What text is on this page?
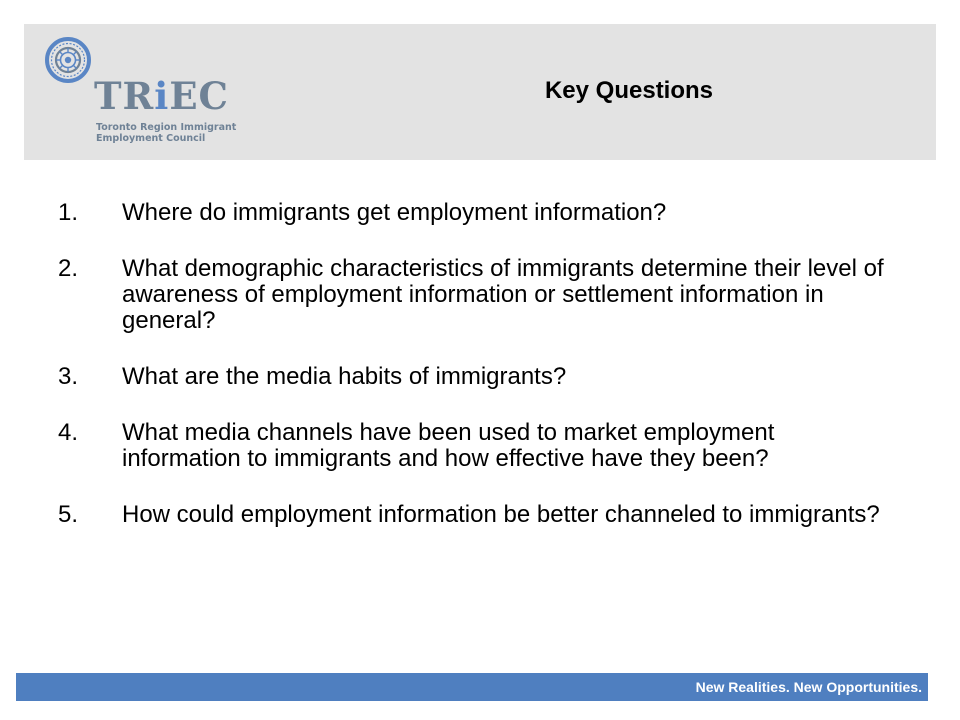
TRiEC
Toronto Region Immigrant
Employment Council
Key Questions
1.	Where do immigrants get employment information?
2.	What demographic characteristics of immigrants determine their level of awareness of employment information or settlement information in general?
3.	What are the media habits of immigrants?
4.	What media channels have been used to market employment information to immigrants and how effective have they been?
5.	How could employment information be better channeled to immigrants?
New Realities. New Opportunities.
